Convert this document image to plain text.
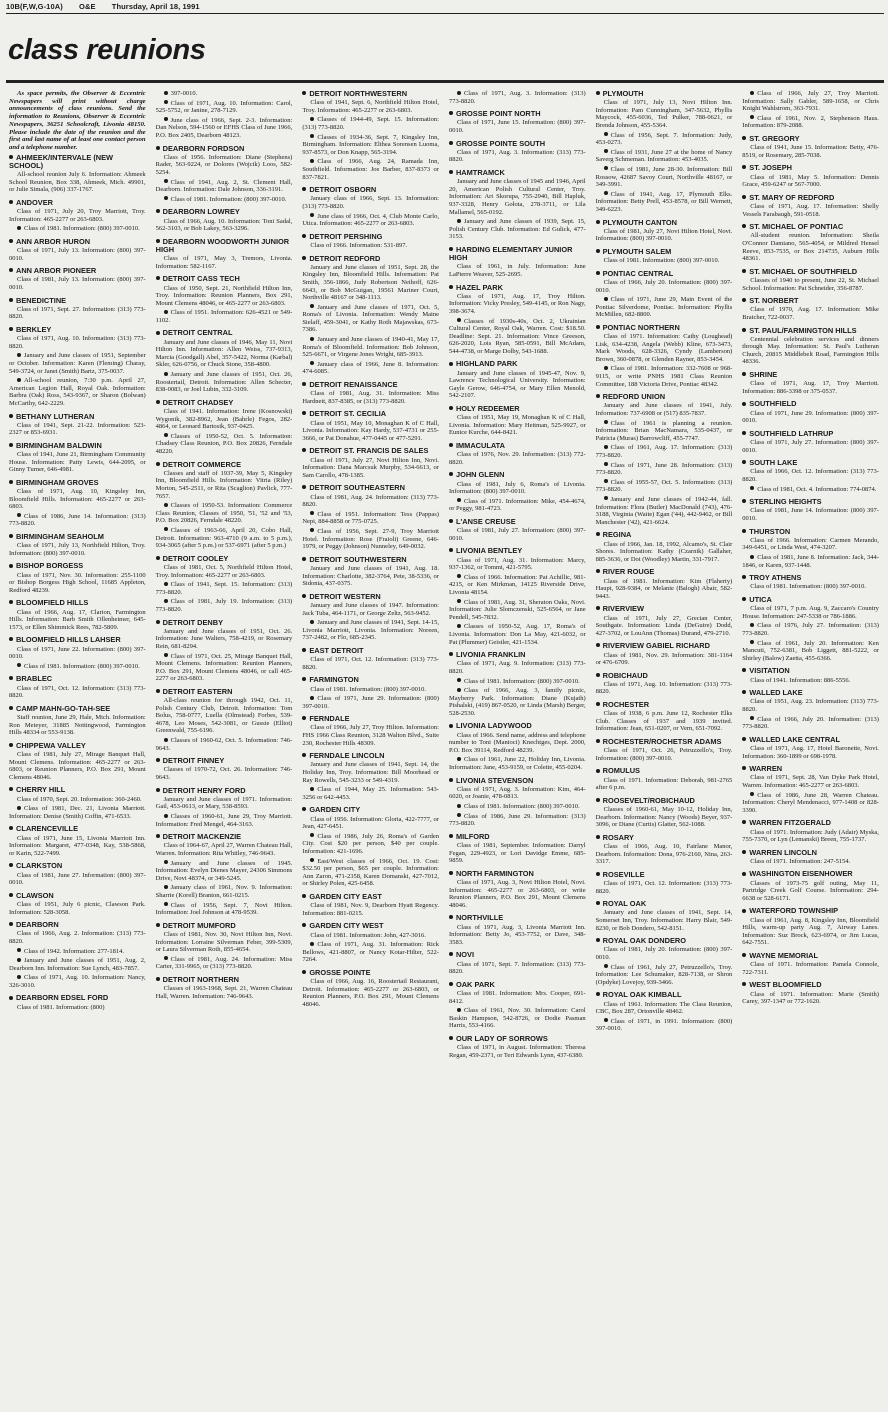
10B(F,W,G-10A) O&E Thursday, April 18, 1991
class reunions

As space permits, the Observer & Eccentric Newspapers will print without charge announcements of class reunions. Send the information to Reunions, Observer & Eccentric Newspapers, 36251 Schoolcraft, Livonia 48150. Please include the date of the reunion and the first and last name of at least one contact person and a telephone number.

AHMEEK/INTERVALE (NEW SCHOOL)

All-school reunion July 6. Information: Ahmeek School Reunion, Box 338, Ahmeek, Mich. 49901, or Julie Simala, (906) 337-1767.

ANDOVER

Class of 1971, July 20, Troy Marriott, Troy. Information: 465-2277 or 263-6803.

Class of 1981. Information: (800) 397-0010.

ANN ARBOR HURON

Class of 1971, July 13. Information: (800) 397-0010.

ANN ARBOR PIONEER

Class of 1981, July 13. Information: (800) 397-0010.

BENEDICTINE

Class of 1971, Sept. 27. Information: (313) 773-8820.

BERKLEY

Class of 1971, Aug. 10. Information: (313) 773-8820.

January and June classes of 1951, September or October. Information: Karen (Fleming) Charay, 549-3724, or Janet (Smith) Bartz, 375-0037.

All-school reunion, 7:30 p.m. April 27, American Legion Hall, Royal Oak. Information: Barbra (Oak) Ross, 543-9367, or Sharon (Bolwan) McCarthy, 642-2229.

BETHANY LUTHERAN

Class of 1941, Sept. 21-22. Information: 523-2327 or 853-6931.

BIRMINGHAM BALDWIN

Class of 1941, June 21, Birmingham Community House. Information: Patty Lewis, 644-2095, or Ginny Turner, 646-4981.

BIRMINGHAM GROVES

Class of 1971, Aug. 10, Kingsley Inn, Bloomfield Hills. Information: 465-2277 or 263-6803.

Class of 1986, June 14. Information: (313) 773-8820.

BIRMINGHAM SEAHOLM

Class of 1971, July 13, Northfield Hilton, Troy. Information: (800) 397-0010.

BISHOP BORGESS

Class of 1971, Nov. 30. Information: 255-1100 or Bishop Borgess High School, 11685 Appleton, Redford 48239.

BLOOMFIELD HILLS

Class of 1966, Aug. 17, Clarion, Farmington Hills. Information: Barb Smith Ollenheimer, 645-1573, or Ellen Shimmick Rees, 782-5809.

BLOOMFIELD HILLS LAHSER

Class of 1971, June 22. Information: (800) 397-0010.

Class of 1981. Information: (800) 397-0010.

BRABLEC

Class of 1971, Oct. 12. Information: (313) 773-8820.

CAMP MAHN-GO-TAH-SEE

Staff reunion, June 29, Hale, Mich. Information: Ron Meteyer, 31885 Nottingwood, Farmington Hills 48334 or 553-9138.

CHIPPEWA VALLEY

Class of 1981, July 27, Mirage Banquet Hall, Mount Clemens. Information: 465-2277 or 263-6803, or Reunion Planners, P.O. Box 291, Mount Clemens 48046.

CHERRY HILL

Class of 1970, Sept. 20. Information: 360-2460.

Class of 1981, Dec. 21, Livonia Marriott. Information: Denise (Smith) Coffin, 471-6533.

CLARENCEVILLE

Class of 1971, June 15, Livonia Marriott Inn. Information: Margaret, 477-0348, Kay, 538-5868, or Karin, 522-7499.

CLARKSTON

Class of 1981, June 27. Information: (800) 397-0010.

CLAWSON

Class of 1951, July 6 picnic, Clawson Park. Information: 528-3058.

DEARBORN

Class of 1966, Aug. 2. Information: (313) 773-8820.

Class of 1942. Information: 277-1814.

January and June classes of 1951, Aug. 2, Dearborn Inn. Information: Sue Lynch, 483-7857.

Class of 1971, Aug. 10. Information: Nancy, 326-3010.

DEARBORN EDSEL FORD

Class of 1981. Information: (800)

397-0010.

Class of 1971, Aug. 10. Information: Carol, 525-5752, or Janine, 278-7129.

June class of 1966, Sept. 2-3. Information: Dan Nelson, 594-1560 or EFHS Class of June 1966, P.O. Box 2405, Dearborn 48123.

DEARBORN FORDSON

Class of 1956. Information: Diane (Stephens) Rader, 563-9224, or Dolores (Wojcik) Loos, 582-5254.

Class of 1941, Aug. 2, St. Clement Hall, Dearborn. Information: Dale Johnson, 336-3191.

Class of 1981. Information: (800) 397-0010.

DEARBORN LOWREY

Class of 1966, Aug. 10. Information: Toni Sadal, 562-3103, or Bob Lakey, 563-3296.

DEARBORN WOODWORTH JUNIOR HIGH

Class of 1971, May 3, Tremors, Livonia. Information: 582-1167.

DETROIT CASS TECH

Class of 1950, Sept. 21, Northfield Hilton Inn, Troy. Information: Reunion Planners, Box 291, Mount Clemens 48046, or 465-2277 or 263-6803.

Class of 1951. Information: 626-4521 or 549-1102.

DETROIT CENTRAL

January and June classes of 1946, May 11, Novi Hilton Inn. Information: Allen Weiss, 737-9313, Marcia (Goodgall) Abel, 357-5422, Norma (Karbal) Skler, 626-0756, or Chuck Stone, 358-4800.

January and June classes of 1951, Oct. 26, Roostertail, Detroit. Information: Allen Schecter, 838-0083, or Joel Lubin, 332-3109.

DETROIT CHADSEY

Class of 1941. Information: Irene (Kosnowski) Wygonik, 382-8962, Jean (Bahrle) Fegos, 282-4864, or Leonard Bartosik, 937-0425.

Classes of 1950-52, Oct. 5. Information: Chadsey Class Reunion, P.O. Box 20826, Ferndale 48220.

DETROIT COMMERCE

Classes and staff of 1937-39, May 5, Kingsley Inn, Bloomfield Hills. Information: Vitria (Riley) Morton, 545-2511, or Rita (Scaglion) Pavlick, 777-7657.

Classes of 1950-53. Information: Commerce Class Reunion, Classes of 1950, '51, '52 and '53, P.O. Box 20826, Ferndale 48220.

Classes of 1963-66, April 20, Cobo Hall, Detroit. Information: 963-4710 (9 a.m. to 5 p.m.), 934-3065 (after 5 p.m.) or 537-6971 (after 5 p.m.)

DETROIT COOLEY

Class of 1981, Oct. 5, Northfield Hilton Hotel, Troy. Information: 465-2277 or 263-6803.

Class of 1941, Sept. 15. Information: (313) 773-8820.

Class of 1981, July 19. Information: (313) 773-8820.

DETROIT DENBY

January and June classes of 1951, Oct. 26. Information: June Walters, 758-4219, or Rosemary Rein, 681-8294.

Class of 1971, Oct. 25, Mirage Banquet Hall, Mount Clemens. Information: Reunion Planners, P.O. Box 291, Mount Clemens 48046, or call 465-2277 or 263-6803.

DETROIT EASTERN

All-class reunion for through 1942, Oct. 11, Polish Century Club, Detroit. Information: Tom Bolus, 758-0777, Luella (Olmstead) Forbes, 539-4678, Leo Moses, 542-3081, or Gussie (Elliot) Greenwald, 755-6196.

Classes of 1960-62, Oct. 5. Information: 746-9643.

DETROIT FINNEY

Classes of 1970-72, Oct. 26. Information: 746-9643.

DETROIT HENRY FORD

January and June classes of 1971. Information: Gail, 453-0613, or Mary, 538-8593.

Classes of 1960-61, June 29, Troy Marriott. Information: Fred Mengel, 464-3163.

DETROIT MACKENZIE

Class of 1964-67, April 27, Warren Chateau Hall, Warren. Information: Rita Whitley, 746-9643.

January and June classes of 1945. Information: Evelyn Dienes Mayer, 24306 Simmons Drive, Novi 48374, or 349-5245.

January class of 1961, Nov. 9. Information: Sharrie (Korell) Branton, 661-0215.

Class of 1956, Sept. 7, Novi Hilton. Information: Joel Johnson at 478-9539.

DETROIT MUMFORD

Class of 1981, Nov. 30, Novi Hilton Inn, Novi. Information: Lorraine Silverman Feber, 399-5309, or Laura Silverman Roth, 855-4654.

Class of 1981, Aug. 24. Information: Miss Carter, 331-9965, or (313) 773-8820.

DETROIT NORTHERN

Classes of 1963-1968, Sept. 21, Warren Chateau Hall, Warren. Information: 746-9643.

DETROIT NORTHWESTERN

Class of 1941, Sept. 6, Northfield Hilton Hotel, Troy. Information: 465-2277 or 263-6803.

Classes of 1944-49, Sept. 15. Information: (313) 773-8820.

Classes of 1934-36, Sept. 7, Kingsley Inn, Birmingham. Information: Elthea Sorensen Luoma, 937-8573, or Don Knapp, 565-3194.

Class of 1966, Aug. 24, Ramada Inn, Southfield. Information: Joe Barber, 837-8373 or 837-7821.

DETROIT OSBORN

January class of 1966, Sept. 13. Information: (313) 773-8820.

June class of 1966, Oct. 4, Club Monte Carlo, Utica. Information: 465-2277 or 263-6803.

DETROIT PERSHING

Class of 1966. Information: 531-897.

DETROIT REDFORD

January and June classes of 1951, Sept. 28, the Kingsley Inn, Bloomfield Hills. Information: Pat Smith, 356-1866, Judy Robertson Neihoff, 626-6643, or Bob McGuigan, 19561 Mariner Court, Northville 48167 or 348-1113.

January and June classes of 1971, Oct. 5, Roma's of Livonia. Information: Wendy Maine Sielaff, 459-3041, or Kathy Roth Majawskas, 673-7386.

January and June classes of 1940-41, May 17, Roma's of Bloomfield. Information: Bob Johnson, 525-6671, or Virgene Jones Wright, 685-3913.

January class of 1966, June 8. Information: 474-6085.

DETROIT RENAISSANCE

Class of 1981, Aug. 31. Information: Miss Hardnett, 837-8385, or (313) 773-8820.

DETROIT ST. CECILIA

Class of 1951, May 10, Monaghan K of C Hall, Livonia. Information: Kay Hardy, 537-4731 or 255-3666, or Pat Donahue, 477-0445 or 477-5291.

DETROIT ST. FRANCIS DE SALES

Class of 1971, July 27, Novi Hilton Inn, Novi. Information: Dana Marcsuk Murphy, 534-6613, or Sam Carollo, 478-1385.

DETROIT SOUTHEASTERN

Class of 1981, Aug. 24. Information: (313) 773-8820.

Class of 1951. Information: Tess (Pappas) Nepi, 884-8858 or 775-0725.

Class of 1956, Sept. 27-9, Troy Marriott Hotel. Information: Rose (Fraioli) Greene, 646-1979, or Peggy (Johnson) Nunneley, 649-0032.

DETROIT SOUTHWESTERN

January and June classes of 1941, Aug. 18. Information: Charlotte, 382-3764, Pete, 38-5336, or Sidonia, 437-0375.

DETROIT WESTERN

January and June classes of 1947. Information: Jack Tuba, 464-1171, or George Zeltz, 563-9452.

January and June classes of 1941, Sept. 14-15, Livonia Marriott, Livonia. Information: Noreen, 737-2482, or Flo, 685-2345.

EAST DETROIT

Class of 1971, Oct. 12. Information: (313) 773-8820.

FARMINGTON

Class of 1981. Information: (800) 397-0010.

Class of 1971, June 29. Information: (800) 397-0010.

FERNDALE

Class of 1966, July 27, Troy Hilton. Information: FHS 1966 Class Reunion, 3128 Walton Blvd., Suite 230, Rochester Hills 48309.

FERNDALE LINCOLN

January and June classes of 1941, Sept. 14, the Holiday Inn, Troy. Information: Bill Moorhead or Ray Rowells, 545-3233 or 549-4319.

Class of 1944, May 25. Information: 543-3256 or 642-4453.

GARDEN CITY

Class of 1956. Information: Gloria, 422-7777, or Jean, 427-6451.

Class of 1986, July 26, Roma's of Garden City. Cost $20 per person, $40 per couple. Information: 421-1696.

East/West classes of 1966, Oct. 19. Cost: $32.50 per person, $65 per couple. Information: Ann Zaron, 471-2358, Karen Domanski, 427-7012, or Shirley Polen, 425-6458.

GARDEN CITY EAST

Class of 1981, Nov. 9, Dearborn Hyatt Regency. Information: 881-0215.

GARDEN CITY WEST

Class of 1981. Information: John, 427-3016.

Class of 1971, Aug. 31. Information: Rick Bellows, 421-8807, or Nancy Kotar-Hilter, 522-7264.

GROSSE POINTE

Class of 1966, Aug. 16, Roostertail Restaurant, Detroit. Information: 465-2277 or 263-6803, or Reunion Planners, P.O. Box 291, Mount Clemens 48046.

Class of 1971, Aug. 3. Information: (313) 773-8820.

GROSSE POINT NORTH

Class of 1971, June 15. Information: (800) 397-0010.

GROSSE POINTE SOUTH

Class of 1971, Aug. 3. Information: (313) 773-8820.

HAMTRAMCK

January and June classes of 1945 and 1946, April 20, American Polish Cultural Center, Troy. Information: Art Skorupa, 755-2940, Bill Hapluk, 937-3328, Henry Gołota, 278-3711, or Lila Mallamel, 565-0192.

January and June classes of 1939, Sept. 15, Polish Century Club. Information: Ed Gulick, 477-3153.

HARDING ELEMENTARY JUNIOR HIGH

Class of 1961, in July. Information: June LaPierre Weaver, 525-2695.

HAZEL PARK

Class of 1971, Aug. 17, Troy Hilton. Information: Vicky Presley, 549-4145, or Ron Nagy, 398-3674.

Classes of 1930s-40s, Oct. 2, Ukrainian Cultural Center, Royal Oak, Warren. Cost: $18.50. Deadline: Sept. 21. Information: Vince Greeson, 626-2020, Lois Ryan, 585-0591, Bill McAdam, 544-4738, or Marge Dolby, 543-1688.

HIGHLAND PARK

January and June classes of 1945-47, Nov. 9, Lawrence Technological University. Information: Gayle Gerow, 646-4754, or Mary Ellen Menold, 542-2107.

HOLY REDEEMER

Class of 1951, May 19, Monaghan K of C Hall, Livonia. Information: Mary Heitman, 525-9927, or Eunice Kurche, 644-8421.

IMMACULATA

Class of 1976, Nov. 29. Information: (313) 772-8820.

JOHN GLENN

Class of 1981, July 6, Roma's of Livonia. Information: (800) 397-0010.

Class of 1971. Information: Mike, 454-4674, or Peggy, 981-4723.

L'ANSE CREUSE

Class of 1981, July 27. Information: (800) 397-0010.

LIVONIA BENTLEY

Class of 1971, Aug. 31. Information: Marcy, 937-1362, or Tommi, 421-5795.

Class of 1966. Information: Pat Achillic, 981-4215, or Ken Mirkman, 14125 Riverside Drive, Livonia 48154.

Class of 1981, Aug. 31, Sheraton Oaks, Novi. Information: Julie Slomczenski, 525-6564, or Jane Pendell, 545-7832.

Classes of 1950-52, Aug. 17, Roma's of Livonia. Information: Don La May, 421-6032, or Pat (Plummer) Geistler, 421-1534.

LIVONIA FRANKLIN

Class of 1971, Aug. 9. Information: (313) 773-8820.

Class of 1981. Information: (800) 397-0010.

Class of 1966, Aug. 3, family picnic, Mayberry Park. Information: Diane (Kujath) Pishalski, (419) 867-0520, or Linda (Marsh) Berger, 528-2530.

LIVONIA LADYWOOD

Class of 1966. Send name, address and telephone number to Toni (Manioci) Knechtges, Dept. 2000, P.O. Box 39114, Redford 48239.

Class of 1961, June 22, Holiday Inn, Livonia. Information: Jane, 453-9159, or Colette, 455-0204.

LIVONIA STEVENSON

Class of 1971, Aug. 3. Information: Kim, 464-6020, or Joanie, 478-0813.

Class of 1981. Information: (800) 397-0010.

Class of 1986, June 29. Information: (313) 773-8820.

MILFORD

Class of 1981, September. Information: Darryl Fegan, 229-4923, or Lori Davidge Emme, 685-9859.

NORTH FARMINGTON

Class of 1971, Aug. 3, Novi Hilton Hotel, Novi. Information: 465-2277 or 263-6803, or write Reunion Planners, P.O. Box 291, Mount Clemens 48046.

NORTHVILLE

Class of 1971, Aug. 3, Livonia Marriott Inn. Information: Betty Jo, 453-7752, or Dave, 348-3583.

NOVI

Class of 1971, Sept. 7. Information: (313) 773-8820.

OAK PARK

Class of 1981. Information: Mrs. Cooper, 691-8412.

Class of 1961, Nov. 30. Information: Carol Baskin Hampson, 542-8726, or Dodie Pasman Harris, 553-4166.

OUR LADY OF SORROWS

Class of 1971, in August. Information: Theresa Regan, 459-2371, or Teri Edwards Lynn, 437-6380.

PLYMOUTH

Class of 1971, July 13, Novi Hilton Inn. Information: Pam Cunningham, 347-5632, Phyllis Maycock, 455-6036, Ted Pulker, 788-0621, or Brenda Johnson, 455-5364.

Class of 1956, Sept. 7. Information: Judy, 453-0273.

Class of 1931, June 27 at the home of Nancy Saverg Schmeman. Information: 453-4035.

Class of 1981, June 28-30. Information: Bill Rossow, 42687 Savoy Court, Northville 48167, or 349-3991.

Class of 1941, Aug. 17, Plymouth Elks. Information: Betty Prell, 453-8578, or Bill Wernett, 349-6223.

PLYMOUTH CANTON

Class of 1981, July 27, Novi Hilton Hotel, Novi. Information: (800) 397-0010.

PLYMOUTH SALEM

Class of 1981. Information: (800) 397-0010.

PONTIAC CENTRAL

Class of 1966, July 20. Information: (800) 397-0010.

Class of 1971, June 29, Main Event of the Pontiac Silverdome, Pontiac. Information: Phyllis McMillen, 682-8800.

PONTIAC NORTHERN

Class of 1971. Information: Cathy (Loughead) Lisk, 634-4238, Angela (Webb) Kline, 673-3473, Mark Woods, 628-3326, Cyndy (Lamberson) Brown, 360-0878, or Glenden Rayner, 853-3454.

Class of 1981. Information: 332-7608 or 968-9115, or write PNHS 1981 Class Reunion Committee, 188 Victoria Drive, Pontiac 48342.

REDFORD UNION

January and June classes of 1941, July. Information: 737-6908 or (517) 835-7837.

Class of 1961 is planning a reunion. Information: Brian MacNamara, 535-0437, or Patricia (Muras) Barrowcliff, 455-7747.

Class of 1961, Aug. 17. Information: (313) 773-8820.

Class of 1971, June 28. Information: (313) 773-8820.

Class of 1955-57, Oct. 5. Information: (313) 773-8820.

January and June classes of 1942-44, fall. Information: Flora (Butler) MacDonald (743), 476-3188, Virginia (Waite) Egan ('44), 442-9462, or Bill Manchester ('42), 421-6624.

REGINA

Class of 1966, Jan. 18, 1992, Alcamo's, St. Clair Shores. Information: Kathy (Czarnik) Gallaher, 885-3636, or Dot (Woodley) Martin, 331-7917.

RIVER ROUGE

Class of 1981. Information: Kim (Flaherty) Haupt, 928-9384, or Melanie (Balogh) Abair, 582-9443.

RIVERVIEW

Class of 1971, July 27, Grecian Center, Southgate. Information: Linda (DeGuire) Dodd, 427-3702, or LouAnn (Thomas) Durand, 479-2710.

RIVERVIEW GABIEL RICHARD

Class of 1981, Nov. 29. Information: 381-1164 or 476-6709.

ROBICHAUD

Class of 1971, Aug. 10. Information: (313) 773-8820.

ROCHESTER

Class of 1938, 6 p.m. June 12, Rochester Elks Club. Classes of 1937 and 1939 invited. Information: Jean, 651-0207, or Vern, 651-7092.

ROCHESTER/ROCHETSR ADAMS

Class of 1971, Oct. 26, Petruzzello's, Troy. Information: (800) 397-0010.

ROMULUS

Class of 1971. Information: Deborah, 981-2765 after 6 p.m.

ROOSEVELT/ROBICHAUD

Classes of 1960-61, May 10-12, Holiday Inn, Dearborn. Information: Nancy (Woods) Beyer, 937-3096, or Diane (Curtis) Glatter, 562-1088.

ROSARY

Class of 1966, Aug. 10, Fairlane Manor, Dearborn. Information: Dona, 976-2160, Nina, 263-3317.

ROSEVILLE

Class of 1971, Oct. 12. Information: (313) 773-8820.

ROYAL OAK

January and June classes of 1941, Sept. 14, Somerset Inn, Troy. Information: Harry Blair, 549-8230, or Bob Dondero, 542-8151.

ROYAL OAK DONDERO

Class of 1981, July 20. Information: (800) 397-0010.

Class of 1961, July 27, Petruzzello's, Troy. Information: Lee Schumaker, 828-7138, or Shron (Opdyke) Lovejoy, 939-3466.

ROYAL OAK KIMBALL

Class of 1961. Information: The Class Reunion, CBC, Box 287, Ortonville 48462.

Class of 1971, in 1991. Information: (800) 397-0010.

Class of 1966, July 27, Troy Marriott. Information: Sally Gabler, 589-1658, or Chris Knight Wahlstrom, 363-7931.

Class of 1961, Nov. 2, Stephenson Haus. Information: 879-2088.

ST. GREGORY

Class of 1941, June 15. Information: Betty, 476-8519, or Rosemary, 285-7038.

ST. JOSEPH

Class of 1981, May 5. Information: Dennis Grace, 459-6247 or 567-7000.

ST. MARY OF REDFORD

Class of 1971, Aug. 17. Information: Shelly Vessels Farabaugh, 591-0518.

ST. MICHAEL OF PONTIAC

All-student reunion. Information: Sheila O'Connor Damiano, 565-4054, or Mildred Hensel Reeve, 853-7535, or Box 214735, Auburn Hills 48361.

ST. MICHAEL OF SOUTHFIELD

Classes of 1940 to present, June 22, St. Michael School. Information: Pat Schneider, 356-8787.

ST. NORBERT

Class of 1970, Aug. 17. Information: Mike Bratcher, 722-0037.

ST. PAUL/FARMINGTON HILLS

Centennial celebration services and dinners through May. Information: St. Paul's Lutheran Church, 20815 Middlebelt Road, Farmington Hills 48336.

SHRINE

Class of 1971, Aug. 17, Troy Marriott. Information: 886-3398 or 375-0537.

SOUTHFIELD

Class of 1971, June 29. Information: (800) 397-0010.

SOUTHFIELD LATHRUP

Class of 1971, July 27. Information: (800) 397-0010.

SOUTH LAKE

Class of 1966, Oct. 12. Information: (313) 773-8820.

Class of 1981, Oct. 4. Information: 774-0874.

STERLING HEIGHTS

Class of 1981, June 14. Information: (800) 397-0010.

THURSTON

Class of 1966. Information: Carmen Merando, 349-6451, or Linda West, 474-3207.

Class of 1981, June 8. Information: Jack, 344-1846, or Karen, 937-1448.

TROY ATHENS

Class of 1981. Information: (800) 397-0010.

UTICA

Class of 1971, 7 p.m. Aug. 9, Zaccaro's Country House. Information: 247-5338 or 786-1886.

Class of 1976, July 27. Information: (313) 773-8820.

Class of 1961, July 20. Information: Ken Mancuti, 752-6381, Bob Liggett, 881-5222, or Shirley (Balow) Zaetta, 455-6366.

VISITATION

Class of 1941. Information: 886-5556.

WALLED LAKE

Class of 1951, Aug. 23. Information: (313) 773-8820.

Class of 1966, July 20. Information: (313) 773-8820.

WALLED LAKE CENTRAL

Class of 1971, Aug. 17, Hotel Baronette, Novi. Information: 360-1899 or 698-1978.

WARREN

Class of 1971, Sept. 28, Van Dyke Park Hotel, Warren. Information: 465-2277 or 263-6803.

Class of 1986, June 28, Warren Chateau. Information: Cheryl Mendenacci, 977-1408 or 828-3390.

WARREN FITZGERALD

Class of 1971. Information: Judy (Adair) Myska, 755-7370, or Lyn (Lemanski) Breen, 755-1737.

WARREN LINCOLN

Class of 1971. Information: 247-5154.

WASHINGTON EISENHOWER

Classes of 1973-75 golf outing, May 11, Partridge Creek Golf Course. Information: 294-6638 or 528-6171.

WATERFORD TOWNSHIP

Class of 1961, Aug. 8, Kingsley Inn, Bloomfield Hills, warm-up party Aug. 7, Airway Lanes. Information: Suz Brock, 623-6974, or Jim Lucas, 642-7551.

WAYNE MEMORIAL

Class of 1971. Information: Pamela Connole, 722-7311.

WEST BLOOMFIELD

Class of 1971. Information: Marie (Smith) Carey, 397-1347 or 772-1620.
